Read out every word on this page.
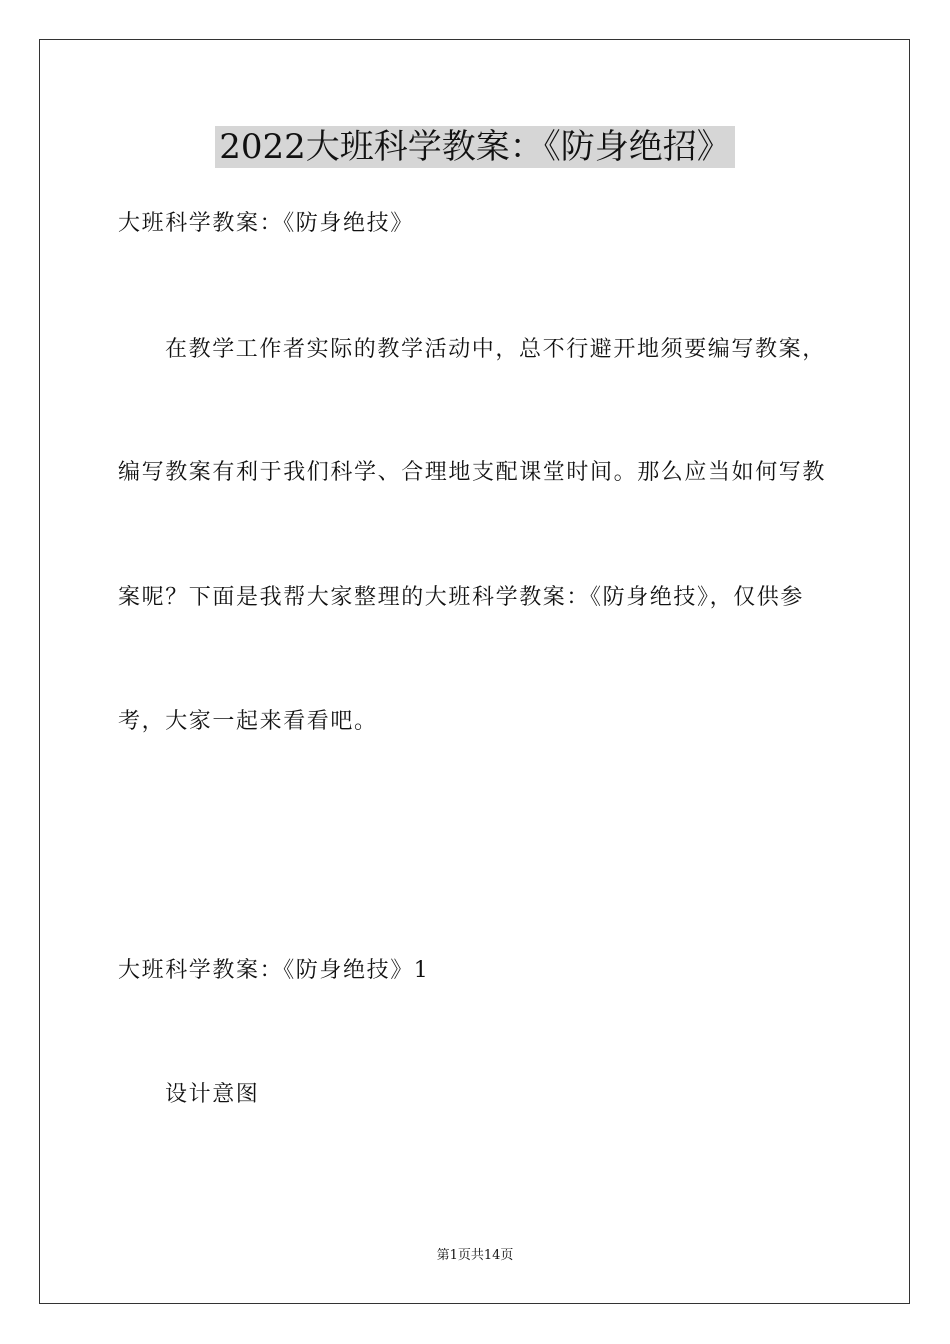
2022大班科学教案：《防身绝招》
大班科学教案：《防身绝技》
在教学工作者实际的教学活动中，总不行避开地须要编写教案，
编写教案有利于我们科学、合理地支配课堂时间。那么应当如何写教
案呢？下面是我帮大家整理的大班科学教案：《防身绝技》，仅供参
考，大家一起来看看吧。
大班科学教案：《防身绝技》1
设计意图
第1页共14页
